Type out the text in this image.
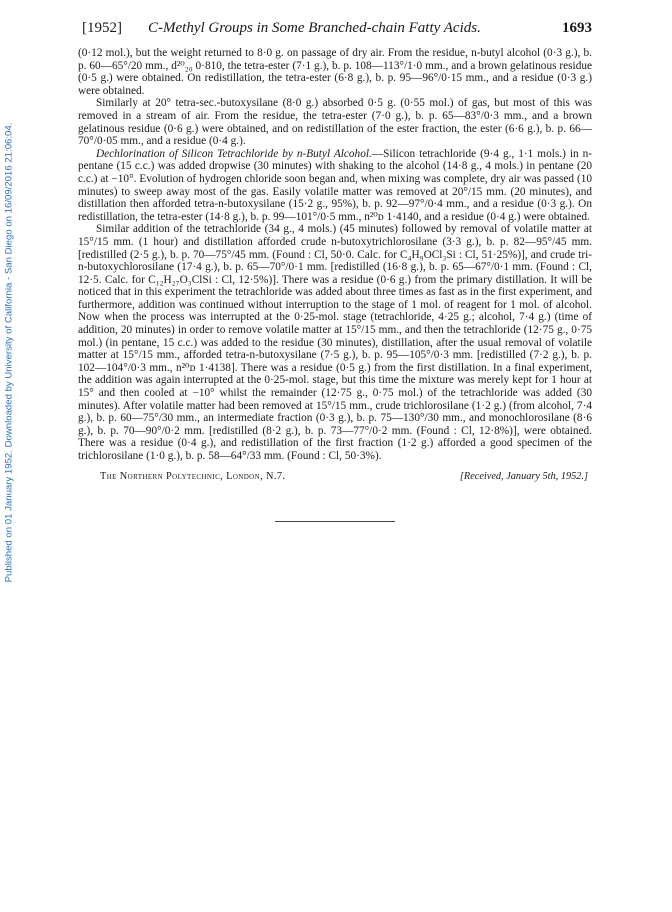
Published on 01 January 1952. Downloaded by University of California - San Diego on 16/09/2016 21:06:04.
[1952] C-Methyl Groups in Some Branched-chain Fatty Acids.	1693

(0·12 mol.), but the weight returned to 8·0 g. on passage of dry air. From the residue, n-butyl alcohol (0·3 g.), b. p. 60—65°/20 mm., d²⁰₂₀ 0·810, the tetra-ester (7·1 g.), b. p. 108—113°/1·0 mm., and a brown gelatinous residue (0·5 g.) were obtained. On redistillation, the tetra-ester (6·8 g.), b. p. 95—96°/0·15 mm., and a residue (0·3 g.) were obtained.

Similarly at 20° tetra-sec.-butoxysilane (8·0 g.) absorbed 0·5 g. (0·55 mol.) of gas, but most of this was removed in a stream of air. From the residue, the tetra-ester (7·0 g.), b. p. 65—83°/0·3 mm., and a brown gelatinous residue (0·6 g.) were obtained, and on redistillation of the ester fraction, the ester (6·6 g.), b. p. 66—70°/0·05 mm., and a residue (0·4 g.).

Dechlorination of Silicon Tetrachloride by n-Butyl Alcohol.—Silicon tetrachloride (9·4 g., 1·1 mols.) in n-pentane (15 c.c.) was added dropwise (30 minutes) with shaking to the alcohol (14·8 g., 4 mols.) in pentane (20 c.c.) at −10°. Evolution of hydrogen chloride soon began and, when mixing was complete, dry air was passed (10 minutes) to sweep away most of the gas. Easily volatile matter was removed at 20°/15 mm. (20 minutes), and distillation then afforded tetra-n-butoxysilane (15·2 g., 95%), b. p. 92—97°/0·4 mm., and a residue (0·3 g.). On redistillation, the tetra-ester (14·8 g.), b. p. 99—101°/0·5 mm., n²⁰ᴅ 1·4140, and a residue (0·4 g.) were obtained.

Similar addition of the tetrachloride (34 g., 4 mols.) (45 minutes) followed by removal of volatile matter at 15°/15 mm. (1 hour) and distillation afforded crude n-butoxytrichlorosilane (3·3 g.), b. p. 82—95°/45 mm. [redistilled (2·5 g.), b. p. 70—75°/45 mm. (Found : Cl, 50·0. Calc. for C₄H₉OCl₃Si : Cl, 51·25%)], and crude tri-n-butoxychlorosilane (17·4 g.), b. p. 65—70°/0·1 mm. [redistilled (16·8 g.), b. p. 65—67°/0·1 mm. (Found : Cl, 12·5. Calc. for C₁₂H₂₇O₃ClSi : Cl, 12·5%)]. There was a residue (0·6 g.) from the primary distillation. It will be noticed that in this experiment the tetrachloride was added about three times as fast as in the first experiment, and furthermore, addition was continued without interruption to the stage of 1 mol. of reagent for 1 mol. of alcohol. Now when the process was interrupted at the 0·25-mol. stage (tetrachloride, 4·25 g.; alcohol, 7·4 g.) (time of addition, 20 minutes) in order to remove volatile matter at 15°/15 mm., and then the tetrachloride (12·75 g., 0·75 mol.) (in pentane, 15 c.c.) was added to the residue (30 minutes), distillation, after the usual removal of volatile matter at 15°/15 mm., afforded tetra-n-butoxysilane (7·5 g.), b. p. 95—105°/0·3 mm. [redistilled (7·2 g.), b. p. 102—104°/0·3 mm., n²⁰ᴅ 1·4138]. There was a residue (0·5 g.) from the first distillation. In a final experiment, the addition was again interrupted at the 0·25-mol. stage, but this time the mixture was merely kept for 1 hour at 15° and then cooled at −10° whilst the remainder (12·75 g., 0·75 mol.) of the tetrachloride was added (30 minutes). After volatile matter had been removed at 15°/15 mm., crude trichlorosilane (1·2 g.) (from alcohol, 7·4 g.), b. p. 60—75°/30 mm., an intermediate fraction (0·3 g.), b. p. 75—130°/30 mm., and monochlorosilane (8·6 g.), b. p. 70—90°/0·2 mm. [redistilled (8·2 g.), b. p. 73—77°/0·2 mm. (Found : Cl, 12·8%)], were obtained. There was a residue (0·4 g.), and redistillation of the first fraction (1·2 g.) afforded a good specimen of the trichlorosilane (1·0 g.), b. p. 58—64°/33 mm. (Found : Cl, 50·3%).

The Northern Polytechnic, London, N.7.	[Received, January 5th, 1952.]
